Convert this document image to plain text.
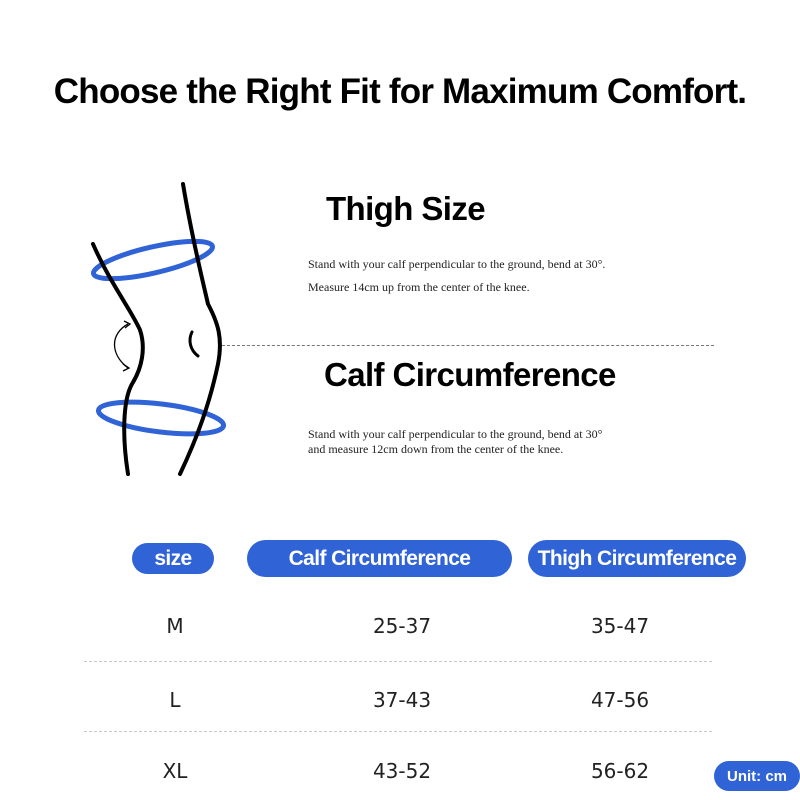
Choose the Right Fit for Maximum Comfort.
Thigh Size

Stand with your calf perpendicular to the ground, bend at 30°.

Measure 14cm up from the center of the knee.

Calf Circumference

Stand with your calf perpendicular to the ground, bend at 30°

and measure 12cm down from the center of the knee.

size	Calf Circumference	Thigh Circumference
M	25-37	35-47
L	37-43	47-56
XL	43-52	56-62	Unit: cm
